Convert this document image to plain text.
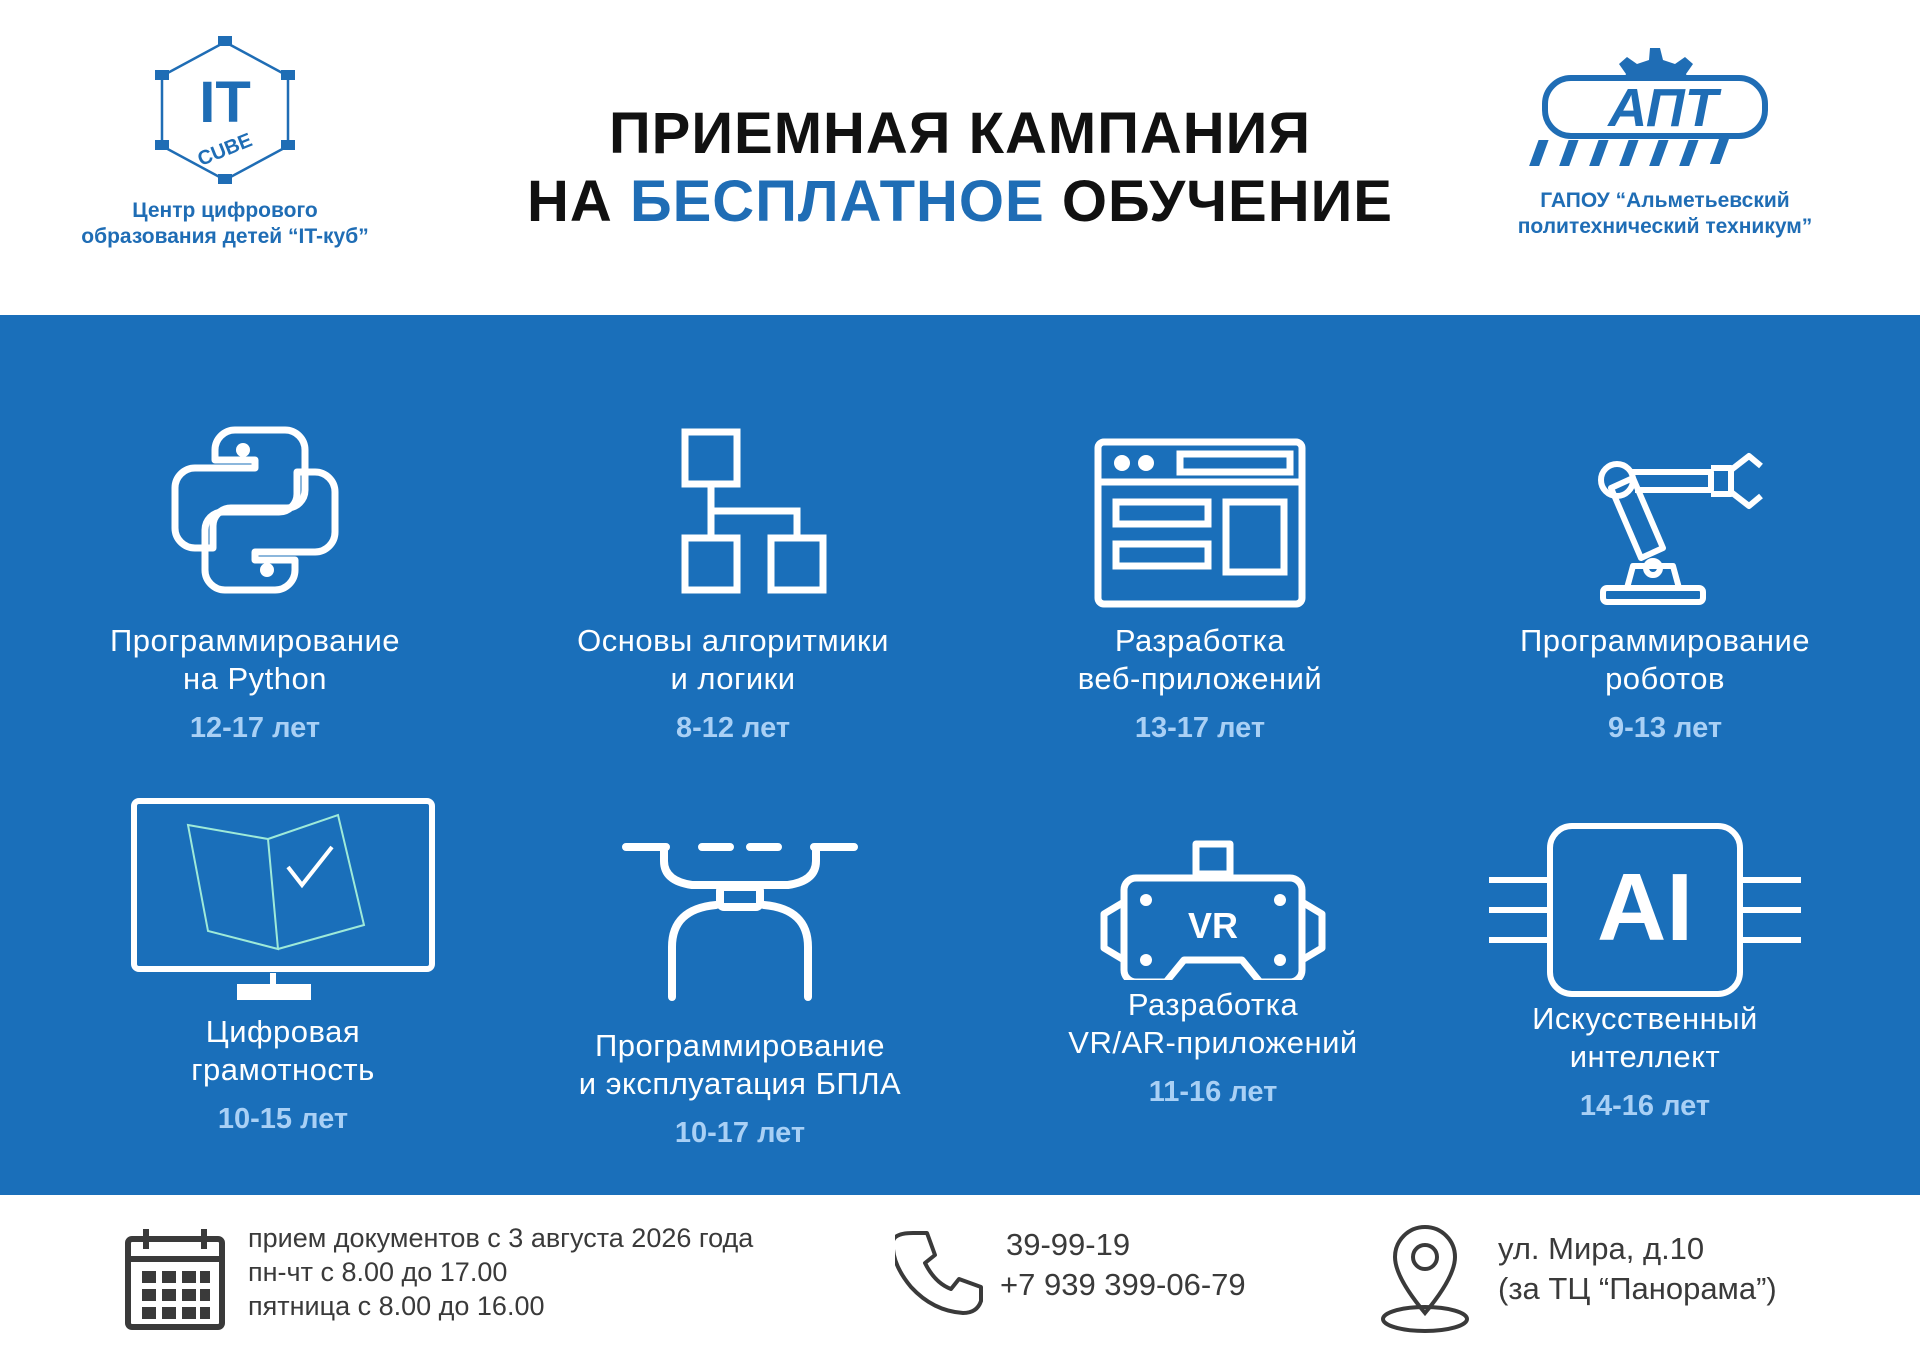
IT
CUBE
Центр цифрового
образования детей “IT-куб”
ПРИЕМНАЯ КАМПАНИЯ
НА БЕСПЛАТНОЕ ОБУЧЕНИЕ
АПТ
ГАПОУ “Альметьевский
политехнический техникум”
Программирование
на Python
12-17 лет
Основы алгоритмики
и логики
8-12 лет
Разработка
веб-приложений
13-17 лет
Программирование
роботов
9-13 лет
Цифровая
грамотность
10-15 лет
Программирование
и эксплуатация БПЛА
10-17 лет
VR
Разработка
VR/AR-приложений
11-16 лет
AI
Искусственный
интеллект
14-16 лет
прием документов с 3 августа 2026 года
пн-чт с 8.00 до 17.00
пятница с 8.00 до 16.00
39-99-19
+7 939 399-06-79
ул. Мира, д.10
(за ТЦ “Панорама”)
